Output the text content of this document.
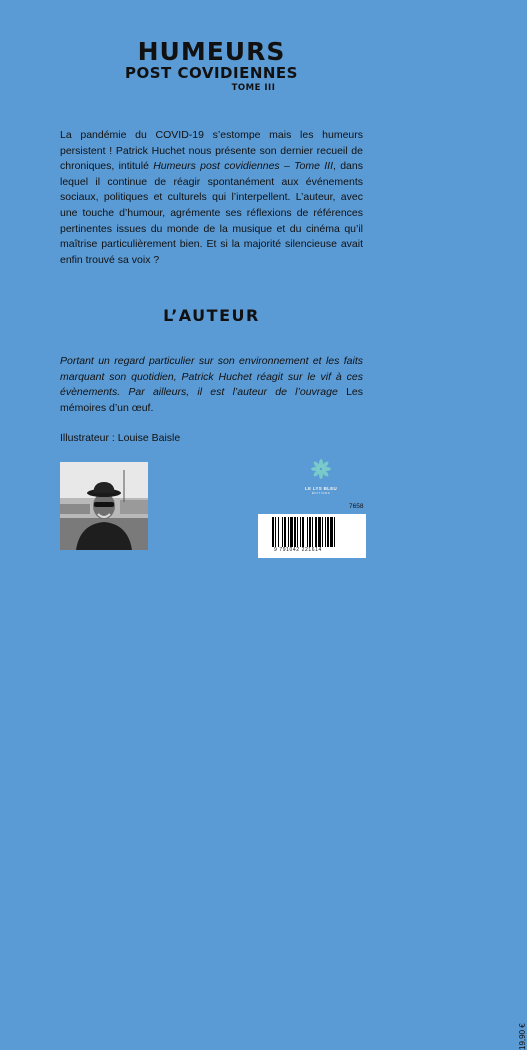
HUMEURS
POST COVIDIENNES
TOME III

La pandémie du COVID-19 s’estompe mais les humeurs persistent ! Patrick Huchet nous présente son dernier recueil de chroniques, intitulé Humeurs post covidiennes – Tome III, dans lequel il continue de réagir spontanément aux événements sociaux, politiques et culturels qui l’interpellent. L’auteur, avec une touche d’humour, agrémente ses réflexions de références pertinentes issues du monde de la musique et du cinéma qu’il maîtrise particulièrement bien. Et si la majorité silencieuse avait enfin trouvé sa voix ?

L’AUTEUR

Portant un regard particulier sur son environnement et les faits marquant son quotidien, Patrick Huchet réagit sur le vif à ces évènements. Par ailleurs, il est l’auteur de l’ouvrage Les mémoires d’un œuf.

Illustrateur : Louise Baisle

LE LYS BLEU
ÉDITIONS
7658
19,90 €
9 791042 221614
